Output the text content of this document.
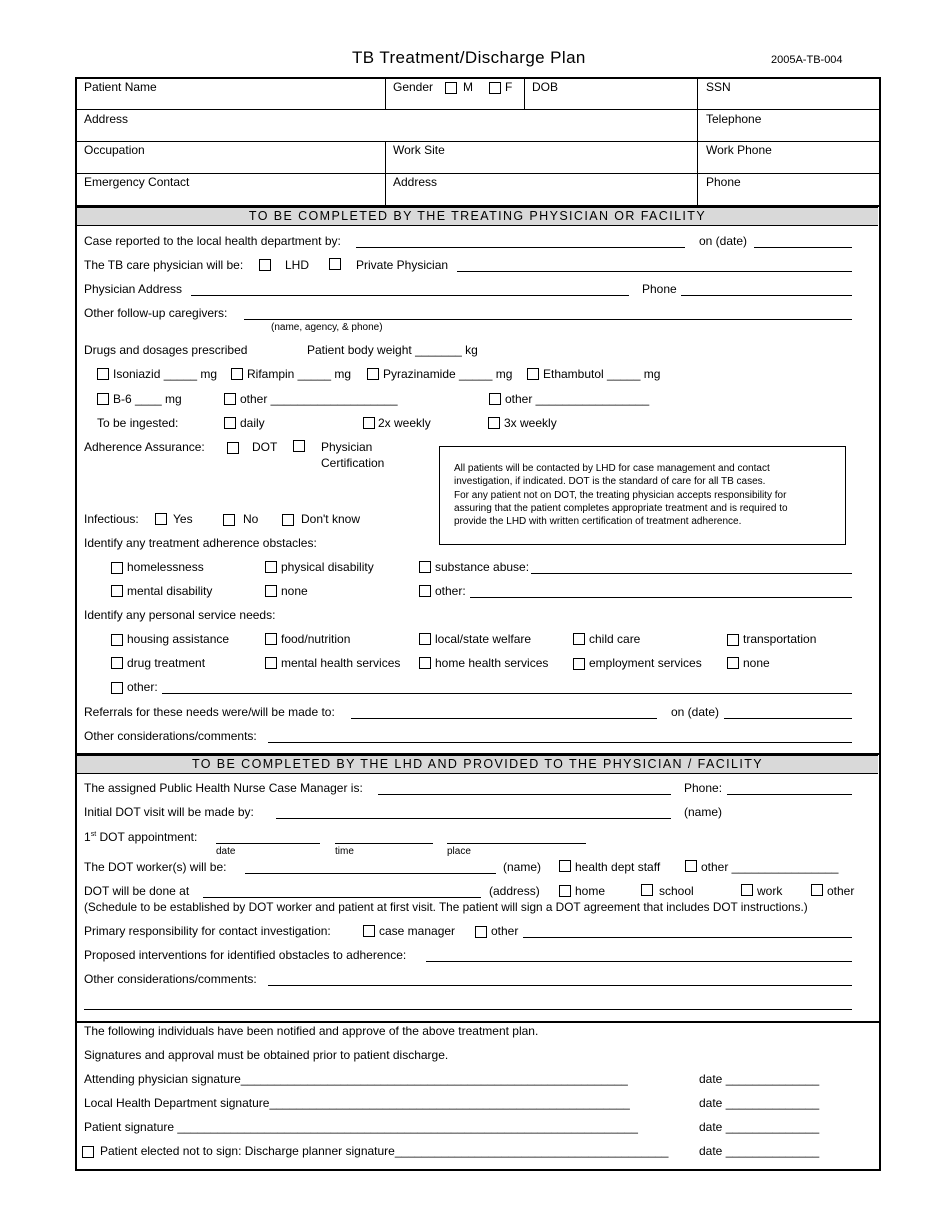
TB Treatment/Discharge Plan	2005A-TB-004
Patient Name	Gender M	F DOB	SSN
Address	Telephone
Occupation	Work Site	Work Phone
Emergency Contact	Address	Phone
TO BE COMPLETED BY THE TREATING PHYSICIAN OR FACILITY
Case reported to the local health department by:	on (date)
The TB care physician will be:	LHD	Private Physician
Physician Address	Phone
Other follow-up caregivers:
(name, agency, & phone)
Drugs and dosages prescribed	Patient body weight _______ kg
Isoniazid _____ mg Rifampin _____ mg	Pyrazinamide _____ mg	Ethambutol _____ mg
B-6 ____ mg	other ___________________	other _________________
To be ingested:	daily	2x weekly	3x weekly
Adherence Assurance:	DOT	Physician
Certification	All patients will be contacted by LHD for case management and contact
investigation, if indicated. DOT is the standard of care for all TB cases.
For any patient not on DOT, the treating physician accepts responsibility for
assuring that the patient completes appropriate treatment and is required to
provide the LHD with written certification of treatment adherence.
Infectious:	Yes	No	Don't know
Identify any treatment adherence obstacles:
homelessness	physical disability	substance abuse:
mental disability	none	other:
Identify any personal service needs:
housing assistance	food/nutrition	local/state welfare	child care	transportation
drug treatment	mental health services	home health services	employment services	none
other:
Referrals for these needs were/will be made to:	on (date)
Other considerations/comments:
TO BE COMPLETED BY THE LHD AND PROVIDED TO THE PHYSICIAN / FACILITY
The assigned Public Health Nurse Case Manager is:	Phone:
Initial DOT visit will be made by:	(name)
1st DOT appointment:
date	time	place
The DOT worker(s) will be:	(name)	health dept staff	other ________________
DOT will be done at	(address)	home	school	work	other
(Schedule to be established by DOT worker and patient at first visit. The patient will sign a DOT agreement that includes DOT instructions.)
Primary responsibility for contact investigation:	case manager	other
Proposed interventions for identified obstacles to adherence:
Other considerations/comments:
The following individuals have been notified and approve of the above treatment plan.
Signatures and approval must be obtained prior to patient discharge.
Attending physician signature__________________________________________________________	date ______________
Local Health Department signature______________________________________________________	date ______________
Patient signature _____________________________________________________________________	date ______________
Patient elected not to sign: Discharge planner signature_________________________________________	date ______________
